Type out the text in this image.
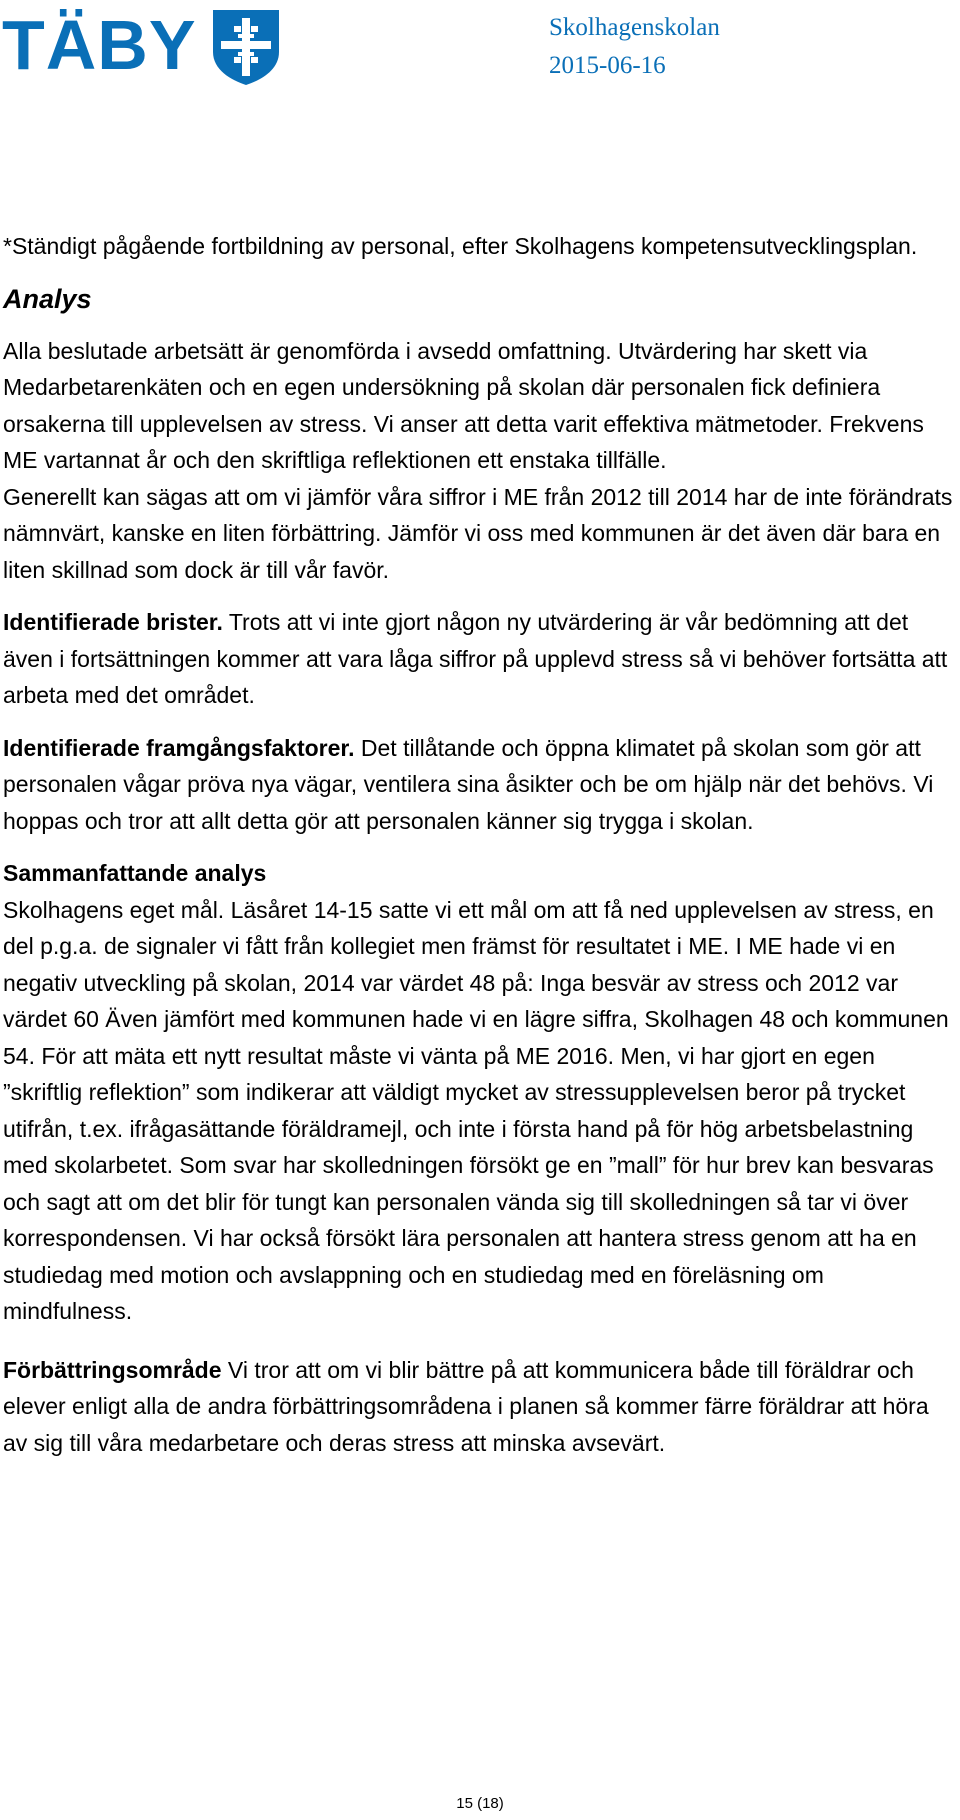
TÄBY	Skolhagenskolan
2015-06-16

*Ständigt pågående fortbildning av personal, efter Skolhagens kompetensutvecklingsplan.

Analys

Alla beslutade arbetsätt är genomförda i avsedd omfattning. Utvärdering har skett via Medarbetarenkäten och en egen undersökning på skolan där personalen fick definiera orsakerna till upplevelsen av stress. Vi anser att detta varit effektiva mätmetoder. Frekvens ME vartannat år och den skriftliga reflektionen ett enstaka tillfälle.

Generellt kan sägas att om vi jämför våra siffror i ME från 2012 till 2014 har de inte förändrats nämnvärt, kanske en liten förbättring. Jämför vi oss med kommunen är det även där bara en liten skillnad som dock är till vår favör.

Identifierade brister. Trots att vi inte gjort någon ny utvärdering är vår bedömning att det även i fortsättningen kommer att vara låga siffror på upplevd stress så vi behöver fortsätta att arbeta med det området.

Identifierade framgångsfaktorer. Det tillåtande och öppna klimatet på skolan som gör att personalen vågar pröva nya vägar, ventilera sina åsikter och be om hjälp när det behövs. Vi hoppas och tror att allt detta gör att personalen känner sig trygga i skolan.

Sammanfattande analys

Skolhagens eget mål. Läsåret 14-15 satte vi ett mål om att få ned upplevelsen av stress, en del p.g.a. de signaler vi fått från kollegiet men främst för resultatet i ME. I ME hade vi en negativ utveckling på skolan, 2014 var värdet 48 på: Inga besvär av stress och 2012 var värdet 60 Även jämfört med kommunen hade vi en lägre siffra, Skolhagen 48 och kommunen 54. För att mäta ett nytt resultat måste vi vänta på ME 2016. Men, vi har gjort en egen ”skriftlig reflektion” som indikerar att väldigt mycket av stressupplevelsen beror på trycket utifrån, t.ex. ifrågasättande föräldramejl, och inte i första hand på för hög arbetsbelastning med skolarbetet. Som svar har skolledningen försökt ge en ”mall” för hur brev kan besvaras och sagt att om det blir för tungt kan personalen vända sig till skolledningen så tar vi över korrespondensen. Vi har också försökt lära personalen att hantera stress genom att ha en studiedag med motion och avslappning och en studiedag med en föreläsning om mindfulness.

Förbättringsområde Vi tror att om vi blir bättre på att kommunicera både till föräldrar och elever enligt alla de andra förbättringsområdena i planen så kommer färre föräldrar att höra av sig till våra medarbetare och deras stress att minska avsevärt.

15 (18)
